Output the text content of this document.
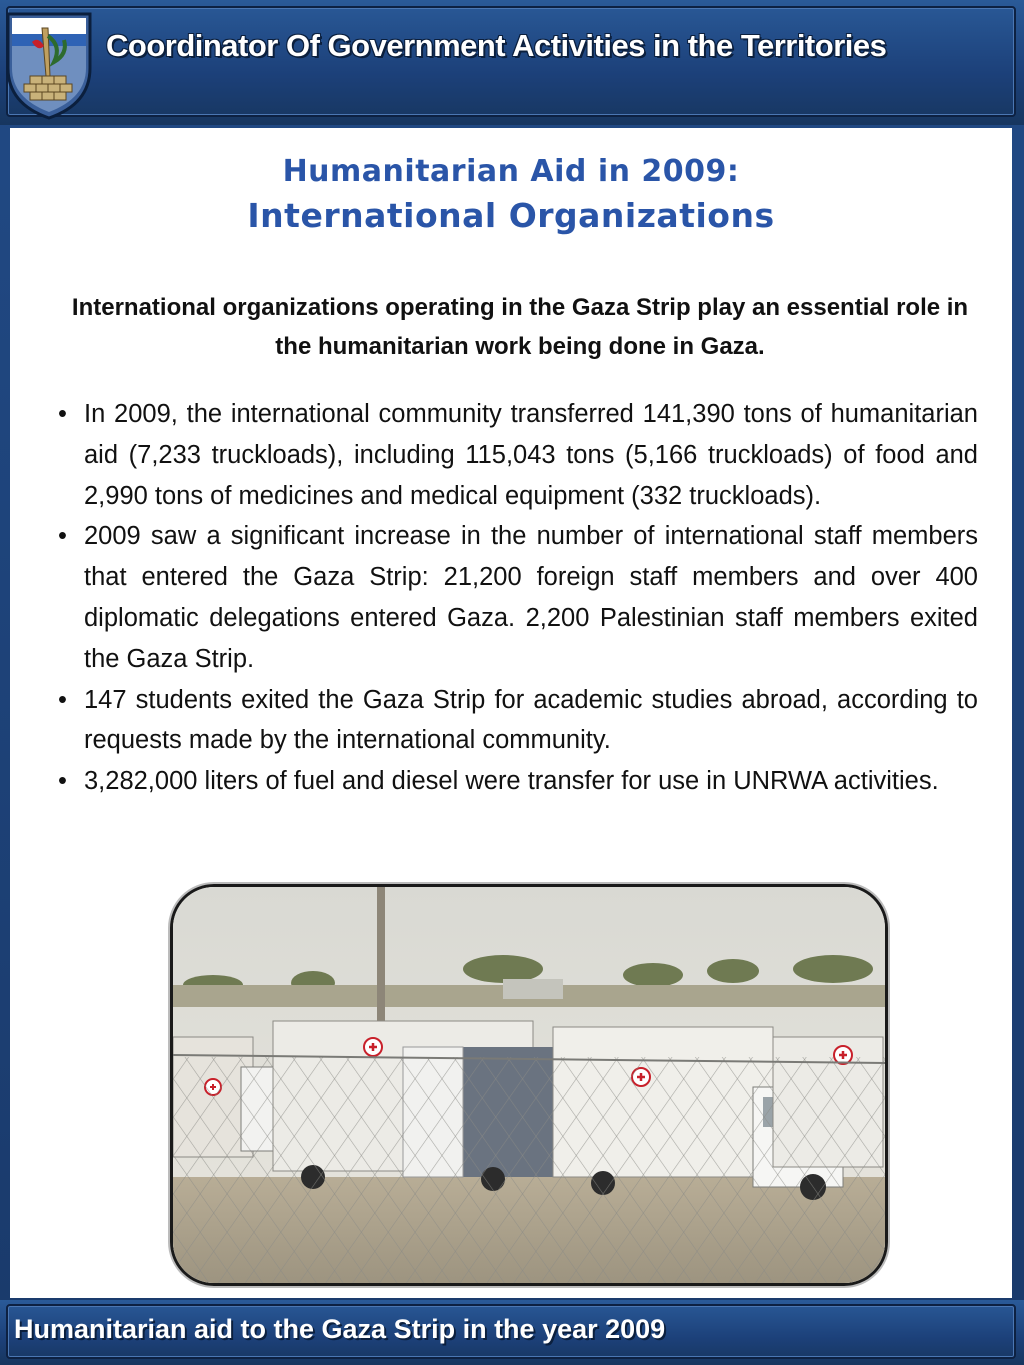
Coordinator Of Government Activities in the Territories
Humanitarian Aid in 2009:
International Organizations
International organizations operating in the Gaza Strip play an essential role in the humanitarian work being done in Gaza.
• In 2009, the international community transferred 141,390 tons of humanitarian aid (7,233 truckloads), including 115,043 tons (5,166 truckloads) of food and 2,990 tons of medicines and medical equipment (332 truckloads).
• 2009 saw a significant increase in the number of international staff members that entered the Gaza Strip: 21,200 foreign staff members and over 400 diplomatic delegations entered Gaza. 2,200 Palestinian staff members exited the Gaza Strip.
• 147 students exited the Gaza Strip for academic studies abroad, according to requests made by the international community.
• 3,282,000 liters of fuel and diesel were transfer for use in UNRWA activities.
Humanitarian aid to the Gaza Strip in the year 2009
